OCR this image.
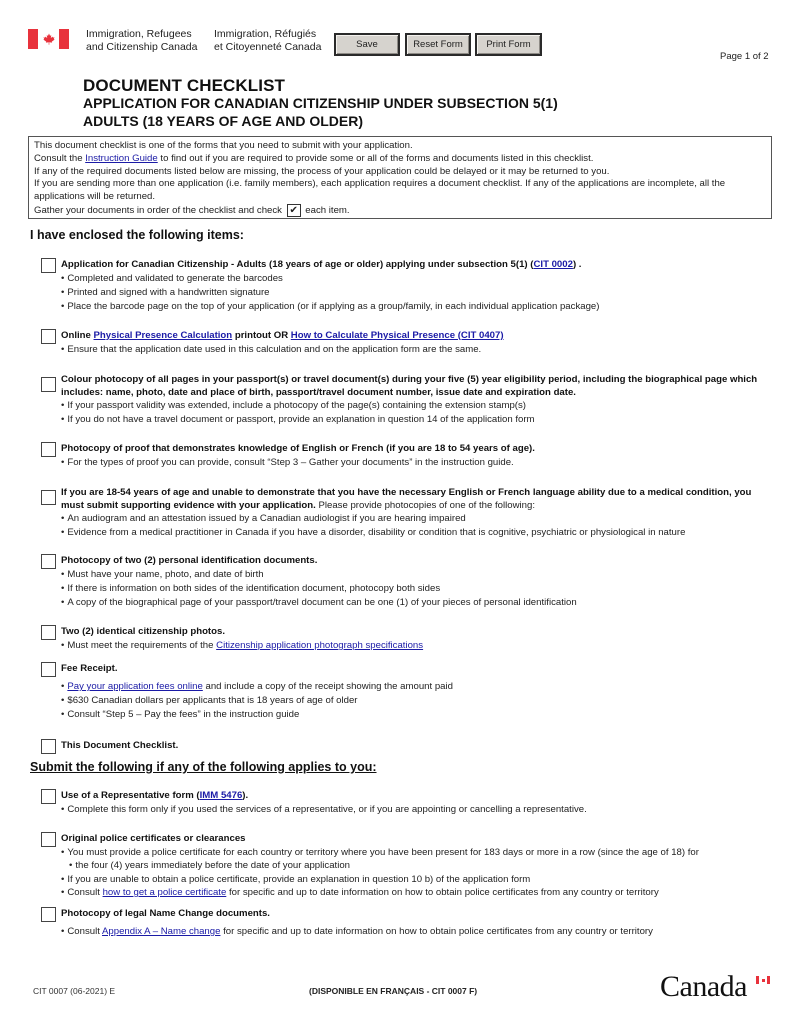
Immigration, Refugees
and Citizenship Canada
Immigration, Réfugiés
et Citoyenneté Canada	Save	Reset Form	Print Form
Page 1 of 2
DOCUMENT CHECKLIST
APPLICATION FOR CANADIAN CITIZENSHIP UNDER SUBSECTION 5(1)
ADULTS (18 YEARS OF AGE AND OLDER)
This document checklist is one of the forms that you need to submit with your application.
Consult the Instruction Guide to find out if you are required to provide some or all of the forms and documents listed in this checklist.
If any of the required documents listed below are missing, the process of your application could be delayed or it may be returned to you.
If you are sending more than one application (i.e. family members), each application requires a document checklist. If any of the applications are incomplete, all the applications will be returned.
Gather your documents in order of the checklist and check ✔ each item.
I have enclosed the following items:
Application for Canadian Citizenship - Adults (18 years of age or older) applying under subsection 5(1) (CIT 0002) .
• Completed and validated to generate the barcodes
• Printed and signed with a handwritten signature
• Place the barcode page on the top of your application (or if applying as a group/family, in each individual application package)
Online Physical Presence Calculation printout OR How to Calculate Physical Presence (CIT 0407)
• Ensure that the application date used in this calculation and on the application form are the same.
Colour photocopy of all pages in your passport(s) or travel document(s) during your five (5) year eligibility period, including the biographical page which includes: name, photo, date and place of birth, passport/travel document number, issue date and expiration date.
• If your passport validity was extended, include a photocopy of the page(s) containing the extension stamp(s)
• If you do not have a travel document or passport, provide an explanation in question 14 of the application form
Photocopy of proof that demonstrates knowledge of English or French (if you are 18 to 54 years of age).
• For the types of proof you can provide, consult “Step 3 – Gather your documents” in the instruction guide.
If you are 18-54 years of age and unable to demonstrate that you have the necessary English or French language ability due to a medical condition, you must submit supporting evidence with your application. Please provide photocopies of one of the following:
• An audiogram and an attestation issued by a Canadian audiologist if you are hearing impaired
• Evidence from a medical practitioner in Canada if you have a disorder, disability or condition that is cognitive, psychiatric or physiological in nature
Photocopy of two (2) personal identification documents.
• Must have your name, photo, and date of birth
• If there is information on both sides of the identification document, photocopy both sides
• A copy of the biographical page of your passport/travel document can be one (1) of your pieces of personal identification
Two (2) identical citizenship photos.
• Must meet the requirements of the Citizenship application photograph specifications
Fee Receipt.
• Pay your application fees online and include a copy of the receipt showing the amount paid
• $630 Canadian dollars per applicants that is 18 years of age of older
• Consult “Step 5 – Pay the fees” in the instruction guide
This Document Checklist.
Submit the following if any of the following applies to you:
Use of a Representative form (IMM 5476).
• Complete this form only if you used the services of a representative, or if you are appointing or cancelling a representative.
Original police certificates or clearances
• You must provide a police certificate for each country or territory where you have been present for 183 days or more in a row (since the age of 18) for
• the four (4) years immediately before the date of your application
• If you are unable to obtain a police certificate, provide an explanation in question 10 b) of the application form
• Consult how to get a police certificate for specific and up to date information on how to obtain police certificates from any country or territory
Photocopy of legal Name Change documents.
• Consult Appendix A – Name change for specific and up to date information on how to obtain police certificates from any country or territory
CIT 0007 (06-2021) E	(DISPONIBLE EN FRANÇAIS - CIT 0007 F)	Canada
